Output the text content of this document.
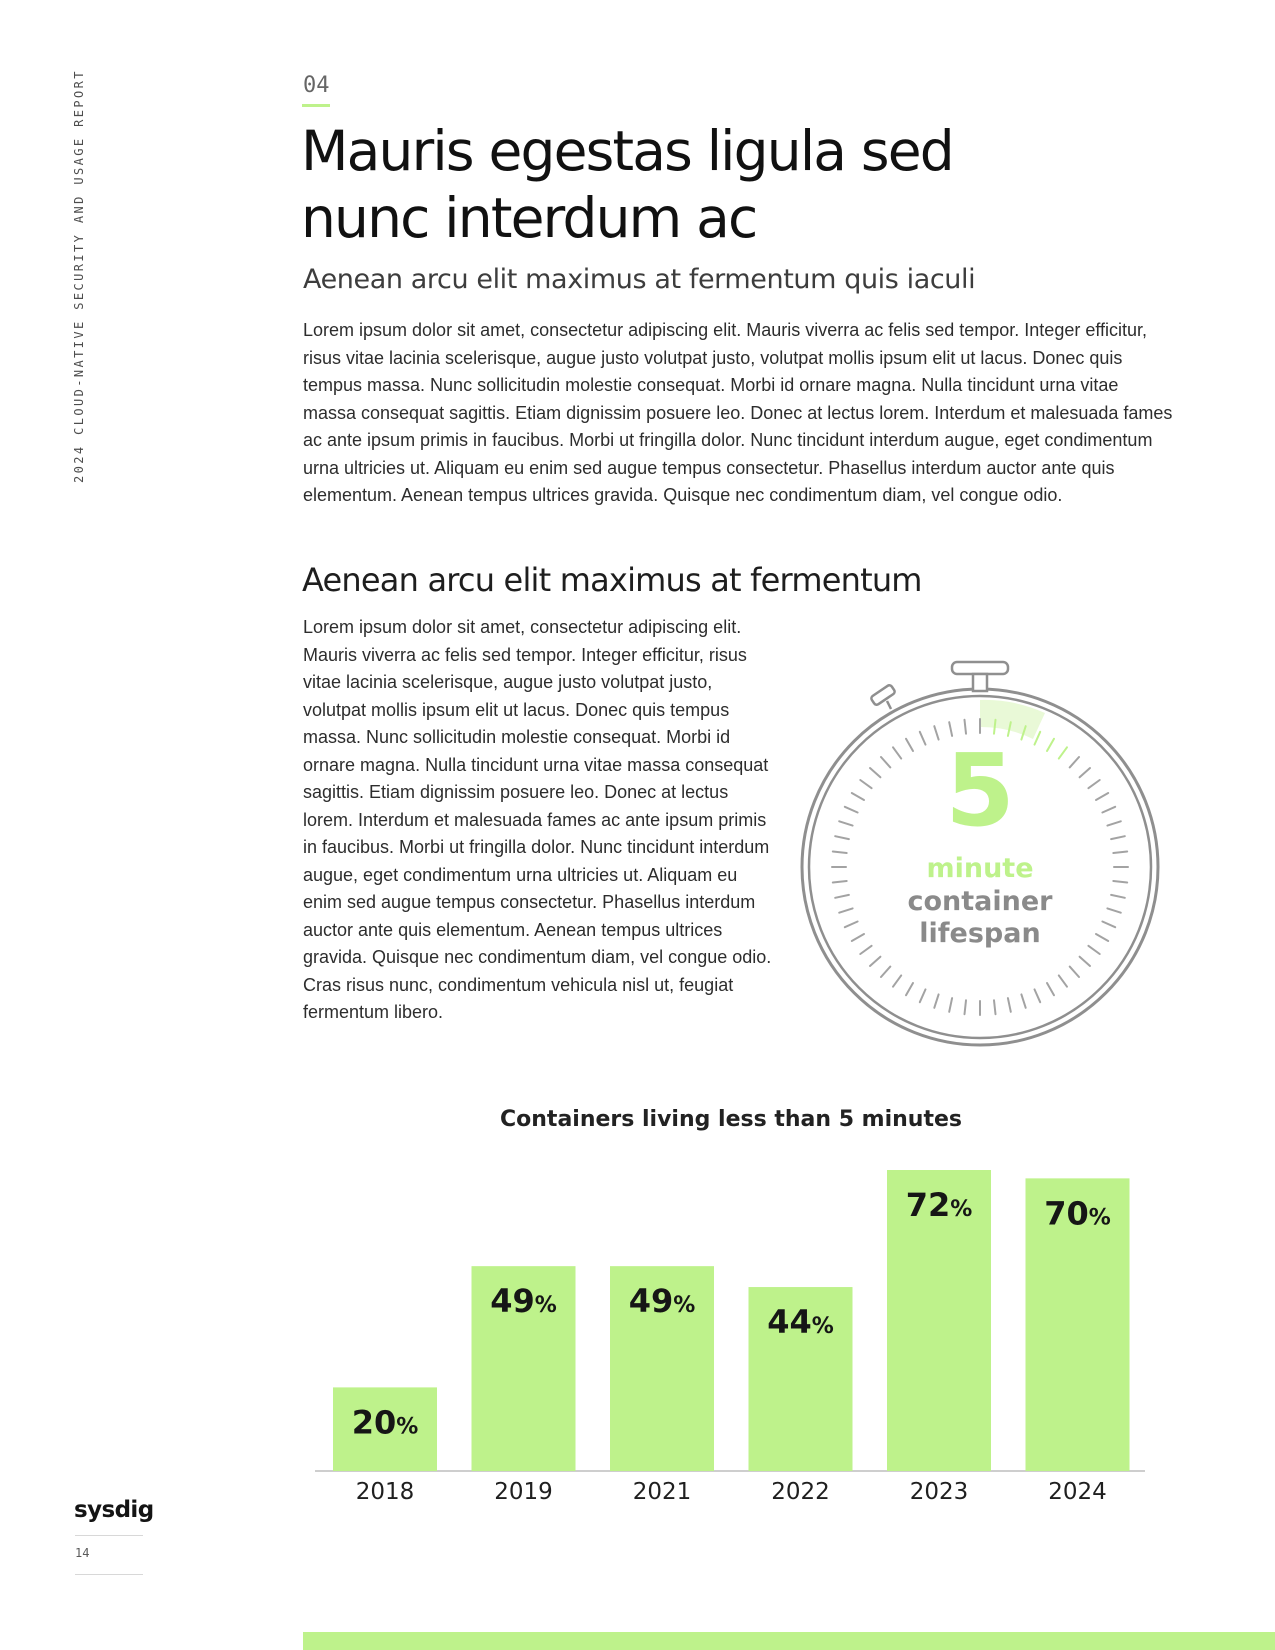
2024 CLOUD-NATIVE SECURITY AND USAGE REPORT	04
Mauris egestas ligula sed
nunc interdum ac
Aenean arcu elit maximus at fermentum quis iaculi

Lorem ipsum dolor sit amet, consectetur adipiscing elit. Mauris viverra ac felis sed tempor. Integer efficitur, risus vitae lacinia scelerisque, augue justo volutpat justo, volutpat mollis ipsum elit ut lacus. Donec quis tempus massa. Nunc sollicitudin molestie consequat. Morbi id ornare magna. Nulla tincidunt urna vitae massa consequat sagittis. Etiam dignissim posuere leo. Donec at lectus lorem. Interdum et malesuada fames ac ante ipsum primis in faucibus. Morbi ut fringilla dolor. Nunc tincidunt interdum augue, eget condimentum urna ultricies ut. Aliquam eu enim sed augue tempus consectetur. Phasellus interdum auctor ante quis elementum. Aenean tempus ultrices gravida. Quisque nec condimentum diam, vel congue odio.

Aenean arcu elit maximus at fermentum

Lorem ipsum dolor sit amet, consectetur adipiscing elit. Mauris viverra ac felis sed tempor. Integer efficitur, risus vitae lacinia scelerisque, augue justo volutpat justo, volutpat mollis ipsum elit ut lacus. Donec quis tempus massa. Nunc sollicitudin molestie consequat. Morbi id ornare magna. Nulla tincidunt urna vitae massa consequat sagittis. Etiam dignissim posuere leo. Donec at lectus lorem. Interdum et malesuada fames ac ante ipsum primis in faucibus. Morbi ut fringilla dolor. Nunc tincidunt interdum augue, eget condimentum urna ultricies ut. Aliquam eu enim sed augue tempus consectetur. Phasellus interdum auctor ante quis elementum. Aenean tempus ultrices gravida. Quisque nec condimentum diam, vel congue odio. Cras risus nunc, condimentum vehicula nisl ut, feugiat fermentum libero.

5
minute
container
lifespan
Containers living less than 5 minutes
20%
2018
49%
2019
49%
2021
44%
2022
72%
2023
70%
2024
sysdig
14
